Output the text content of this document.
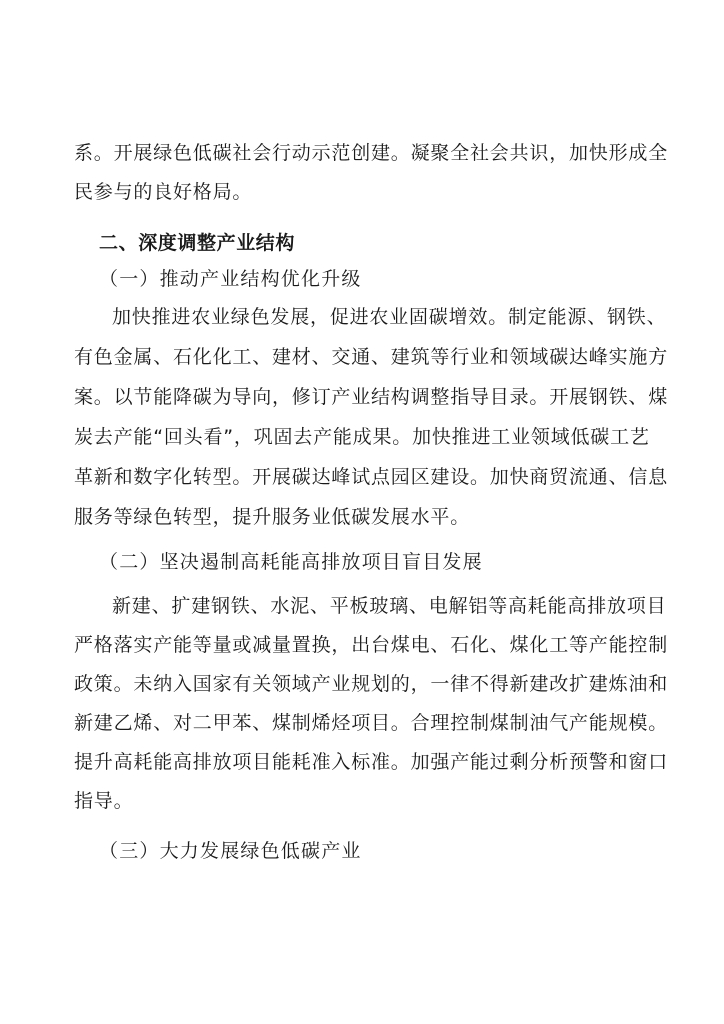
系。开展绿色低碳社会行动示范创建。凝聚全社会共识，加快形成全
民参与的良好格局。
二、深度调整产业结构
（一）推动产业结构优化升级
加快推进农业绿色发展，促进农业固碳增效。制定能源、钢铁、
有色金属、石化化工、建材、交通、建筑等行业和领域碳达峰实施方
案。以节能降碳为导向，修订产业结构调整指导目录。开展钢铁、煤
炭去产能“回头看”，巩固去产能成果。加快推进工业领域低碳工艺
革新和数字化转型。开展碳达峰试点园区建设。加快商贸流通、信息
服务等绿色转型，提升服务业低碳发展水平。
（二）坚决遏制高耗能高排放项目盲目发展
新建、扩建钢铁、水泥、平板玻璃、电解铝等高耗能高排放项目
严格落实产能等量或减量置换，出台煤电、石化、煤化工等产能控制
政策。未纳入国家有关领域产业规划的，一律不得新建改扩建炼油和
新建乙烯、对二甲苯、煤制烯烃项目。合理控制煤制油气产能规模。
提升高耗能高排放项目能耗准入标准。加强产能过剩分析预警和窗口
指导。
（三）大力发展绿色低碳产业
